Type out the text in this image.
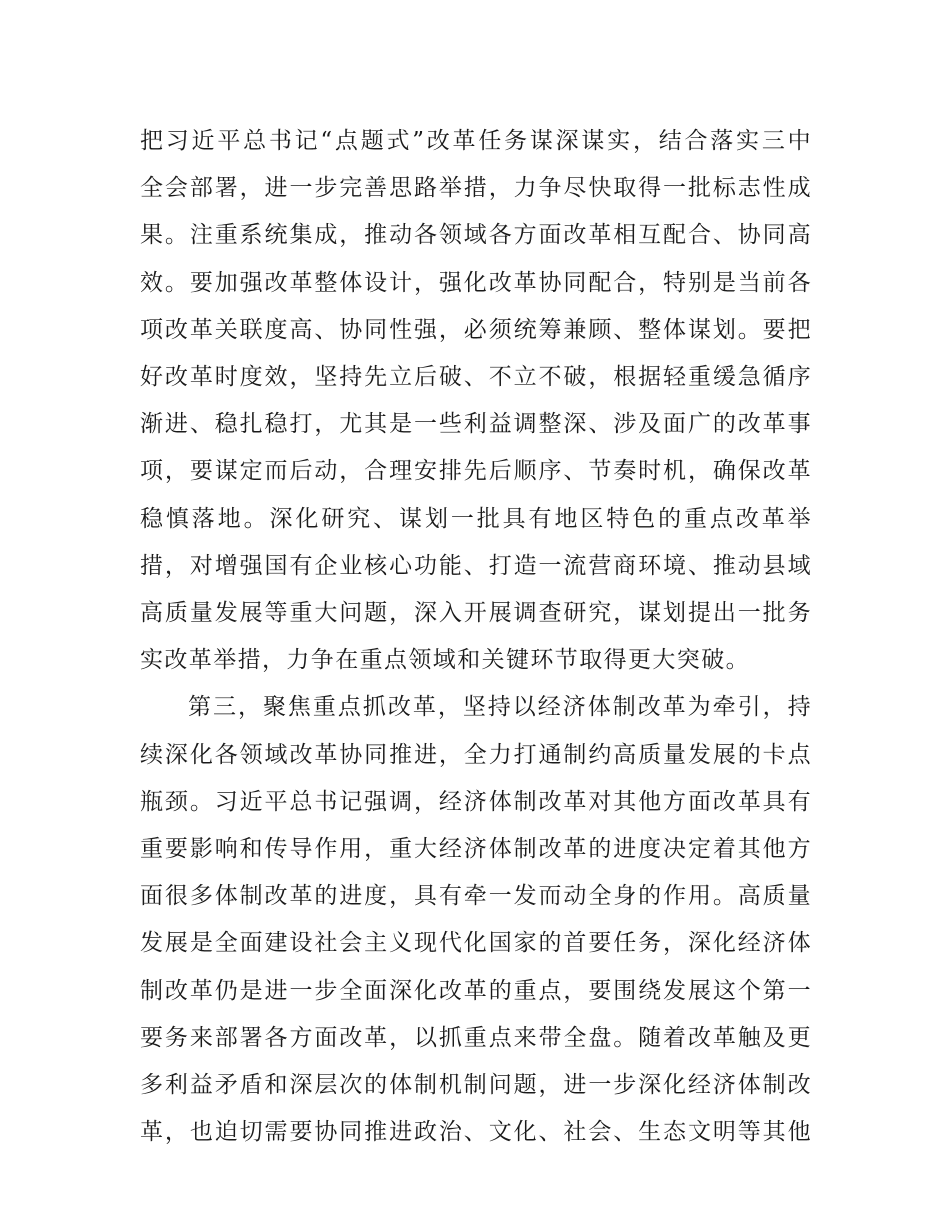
把习近平总书记“点题式”改革任务谋深谋实，结合落实三中
全会部署，进一步完善思路举措，力争尽快取得一批标志性成
果。注重系统集成，推动各领域各方面改革相互配合、协同高
效。要加强改革整体设计，强化改革协同配合，特别是当前各
项改革关联度高、协同性强，必须统筹兼顾、整体谋划。要把
好改革时度效，坚持先立后破、不立不破，根据轻重缓急循序
渐进、稳扎稳打，尤其是一些利益调整深、涉及面广的改革事
项，要谋定而后动，合理安排先后顺序、节奏时机，确保改革
稳慎落地。深化研究、谋划一批具有地区特色的重点改革举
措，对增强国有企业核心功能、打造一流营商环境、推动县域
高质量发展等重大问题，深入开展调查研究，谋划提出一批务
实改革举措，力争在重点领域和关键环节取得更大突破。
第三，聚焦重点抓改革，坚持以经济体制改革为牵引，持
续深化各领域改革协同推进，全力打通制约高质量发展的卡点
瓶颈。习近平总书记强调，经济体制改革对其他方面改革具有
重要影响和传导作用，重大经济体制改革的进度决定着其他方
面很多体制改革的进度，具有牵一发而动全身的作用。高质量
发展是全面建设社会主义现代化国家的首要任务，深化经济体
制改革仍是进一步全面深化改革的重点，要围绕发展这个第一
要务来部署各方面改革，以抓重点来带全盘。随着改革触及更
多利益矛盾和深层次的体制机制问题，进一步深化经济体制改
革，也迫切需要协同推进政治、文化、社会、生态文明等其他
